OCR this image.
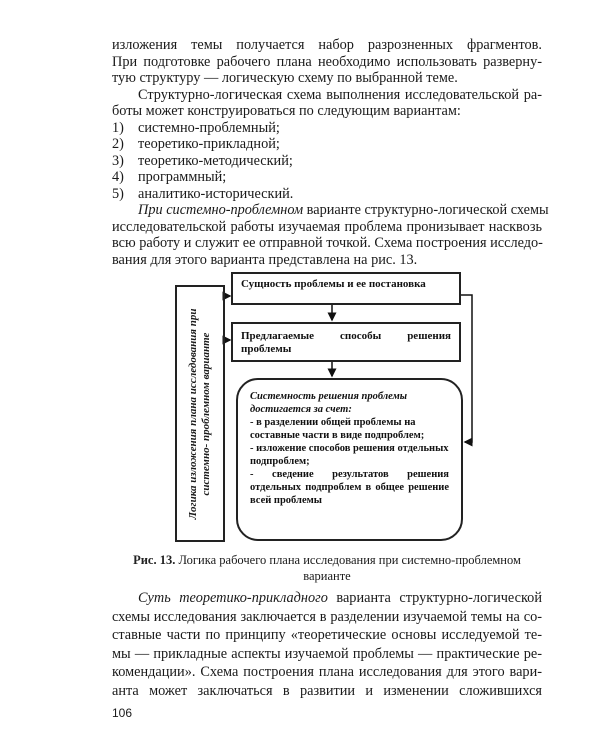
изложения темы получается набор разрозненных фрагментов.
При подготовке рабочего плана необходимо использовать разверну-
тую структуру — логическую схему по выбранной теме.
Структурно-логическая схема выполнения исследовательской ра-
боты может конструироваться по следующим вариантам:
1) системно-проблемный;
2) теоретико-прикладной;
3) теоретико-методический;
4) программный;
5) аналитико-исторический.
При системно-проблемном варианте структурно-логической схемы
исследовательской работы изучаемая проблема пронизывает насквозь
всю работу и служит ее отправной точкой. Схема построения исследо-
вания для этого варианта представлена на рис. 13.
Логика изложения плана исследования при системно- проблемном варианте
Сущность проблемы и ее постановка
Предлагаемые способы решения проблемы
Системность решения проблемы достигается за счет:
- в разделении общей проблемы на составные части в виде подпроблем;
- изложение способов решения отдельных подпроблем;
- сведение результатов решения отдельных подпроблем в общее решение всей проблемы
Рис. 13. Логика рабочего плана исследования при системно-проблемном
варианте
Суть теоретико-прикладного варианта структурно-логической
схемы исследования заключается в разделении изучаемой темы на со-
ставные части по принципу «теоретические основы исследуемой те-
мы — прикладные аспекты изучаемой проблемы — практические ре-
комендации». Схема построения плана исследования для этого вари-
анта может заключаться в развитии и изменении сложившихся
106
